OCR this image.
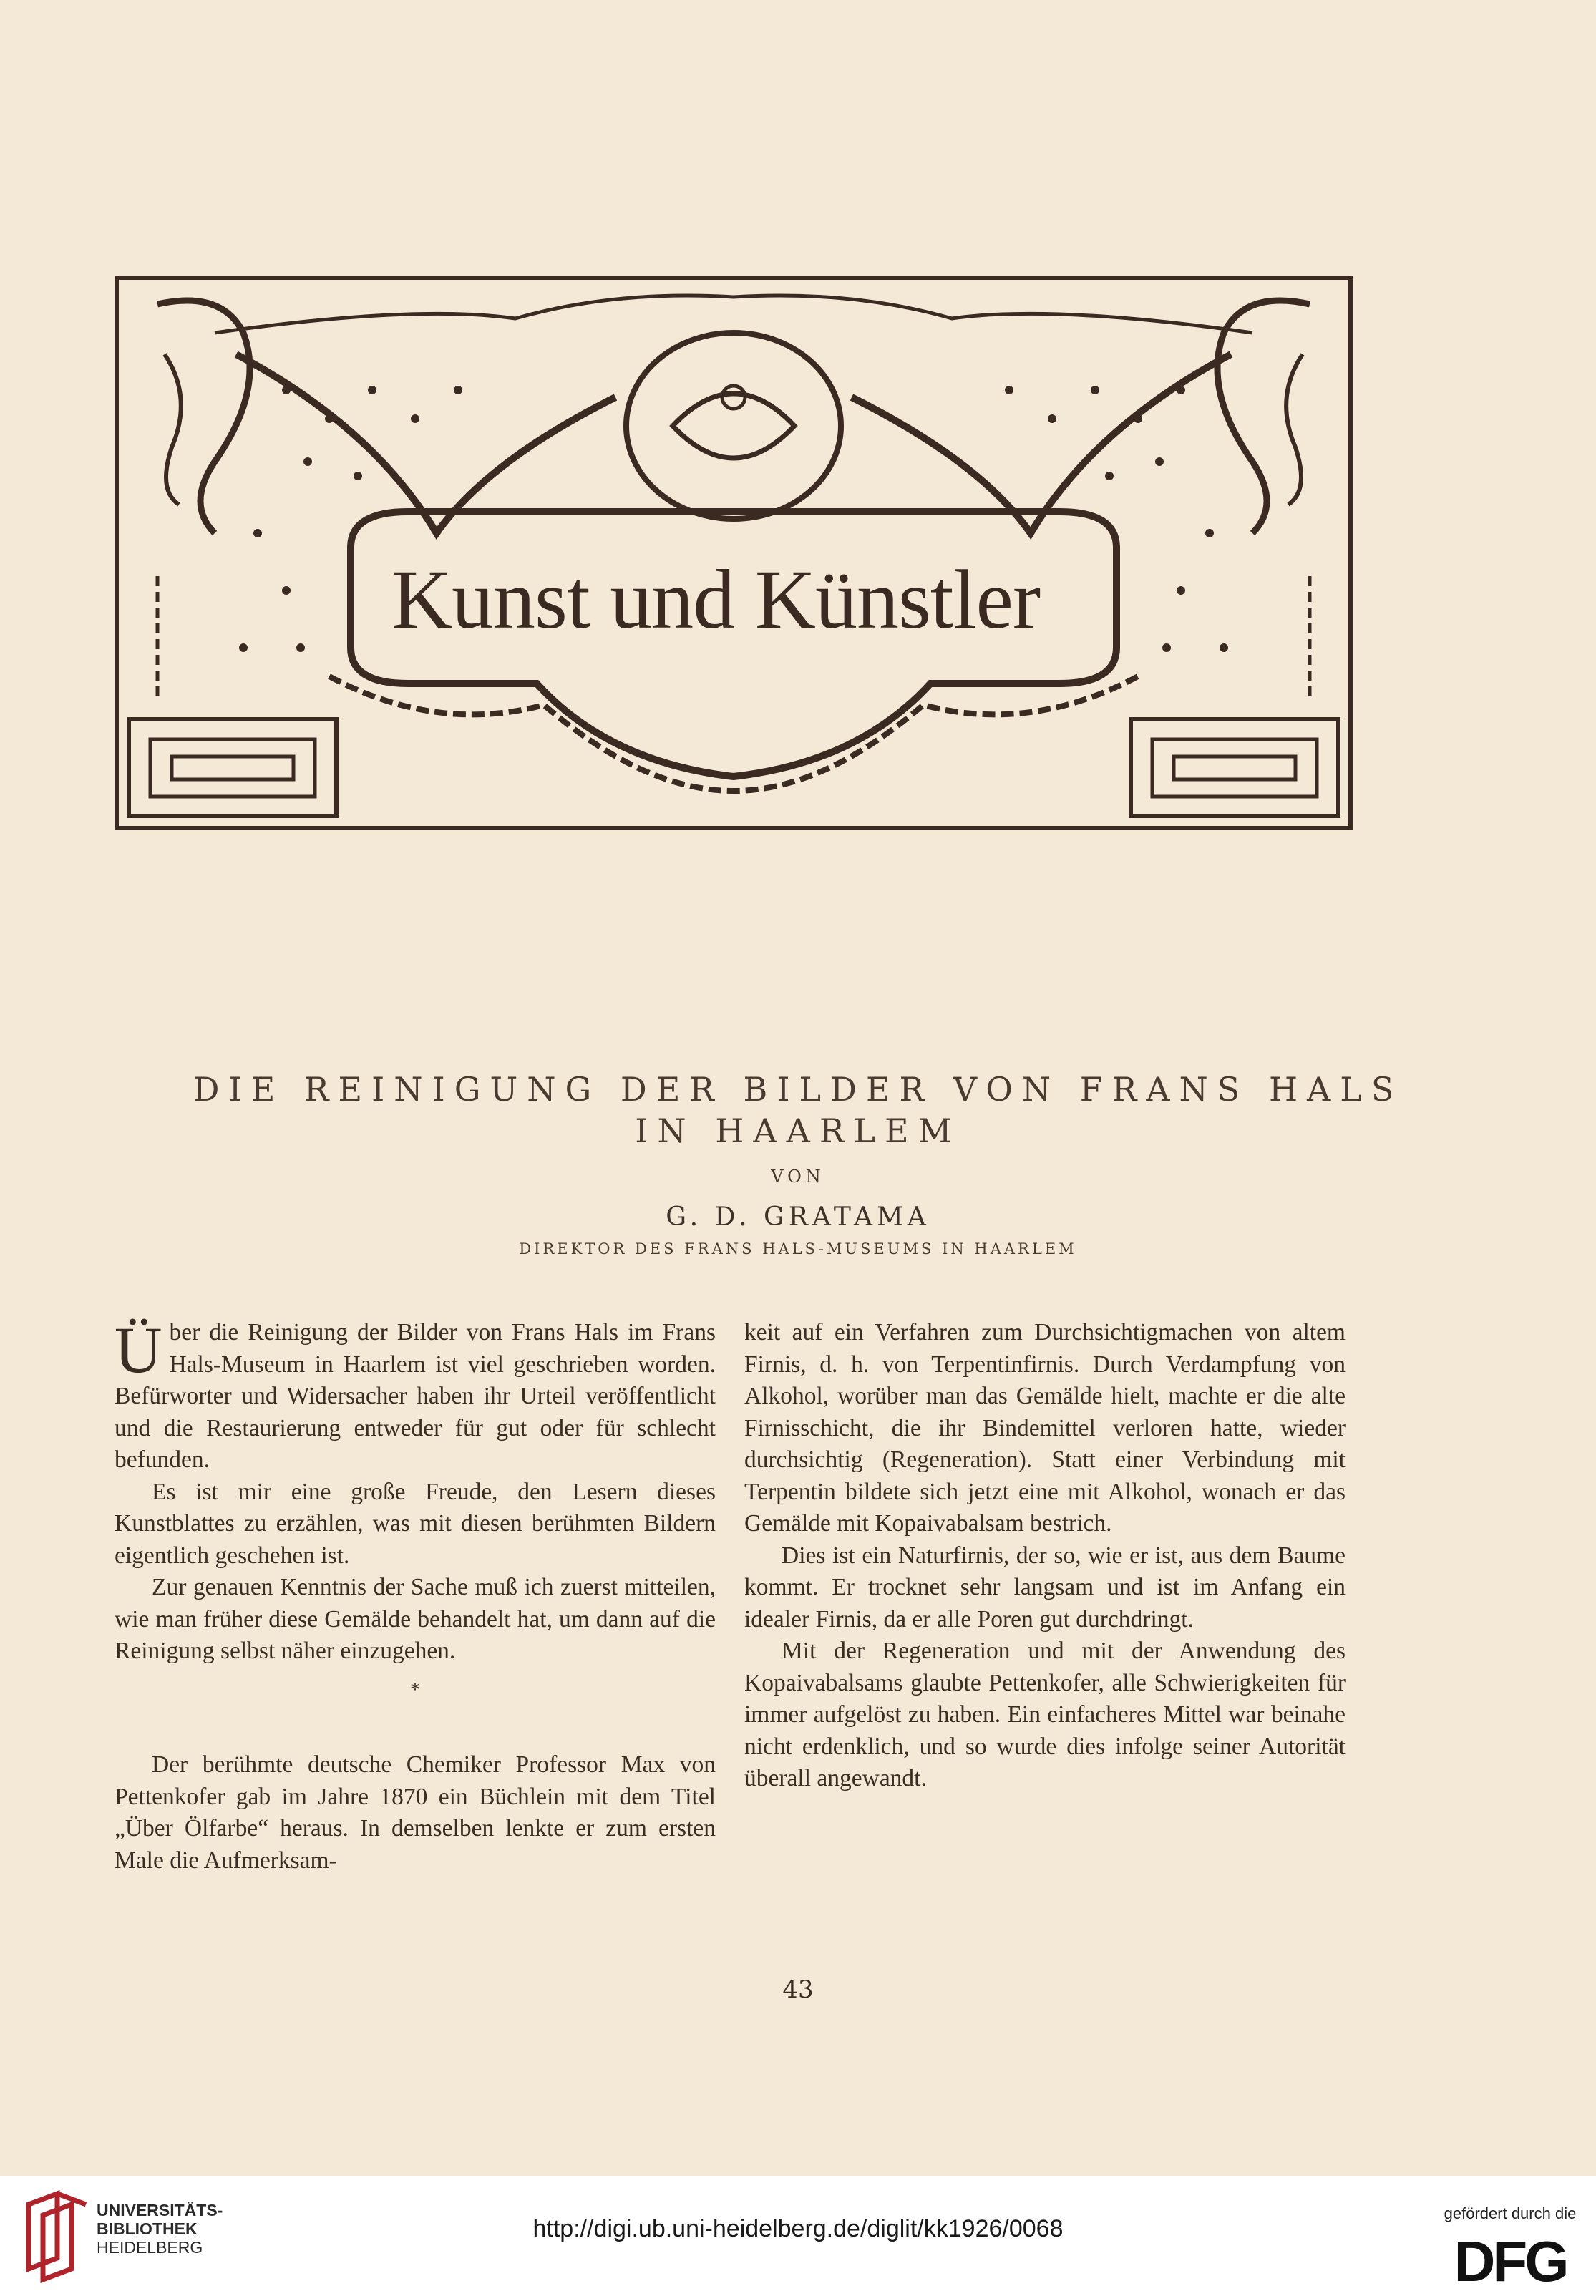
Kunst und Künstler
DIE REINIGUNG DER BILDER VON FRANS HALS
IN HAARLEM
VON
G. D. GRATAMA
DIREKTOR DES FRANS HALS-MUSEUMS IN HAARLEM

Über die Reinigung der Bilder von Frans Hals im Frans Hals-Museum in Haarlem ist viel geschrieben worden. Befürworter und Widersacher haben ihr Urteil veröffentlicht und die Restaurierung entweder für gut oder für schlecht befunden.

Es ist mir eine große Freude, den Lesern dieses Kunstblattes zu erzählen, was mit diesen berühmten Bildern eigentlich geschehen ist.

Zur genauen Kenntnis der Sache muß ich zuerst mitteilen, wie man früher diese Gemälde behandelt hat, um dann auf die Reinigung selbst näher einzugehen.

*

Der berühmte deutsche Chemiker Professor Max von Pettenkofer gab im Jahre 1870 ein Büchlein mit dem Titel „Über Ölfarbe“ heraus. In demselben lenkte er zum ersten Male die Aufmerksam-

keit auf ein Verfahren zum Durchsichtigmachen von altem Firnis, d. h. von Terpentinfirnis. Durch Verdampfung von Alkohol, worüber man das Gemälde hielt, machte er die alte Firnisschicht, die ihr Bindemittel verloren hatte, wieder durchsichtig (Regeneration). Statt einer Verbindung mit Terpentin bildete sich jetzt eine mit Alkohol, wonach er das Gemälde mit Kopaivabalsam bestrich.

Dies ist ein Naturfirnis, der so, wie er ist, aus dem Baume kommt. Er trocknet sehr langsam und ist im Anfang ein idealer Firnis, da er alle Poren gut durchdringt.

Mit der Regeneration und mit der Anwendung des Kopaivabalsams glaubte Pettenkofer, alle Schwierigkeiten für immer aufgelöst zu haben. Ein einfacheres Mittel war beinahe nicht erdenklich, und so wurde dies infolge seiner Autorität überall angewandt.

43
UNIVERSITÄTS-
BIBLIOTHEK
HEIDELBERG
http://digi.ub.uni-heidelberg.de/diglit/kk1926/0068
gefördert durch die
DFG
